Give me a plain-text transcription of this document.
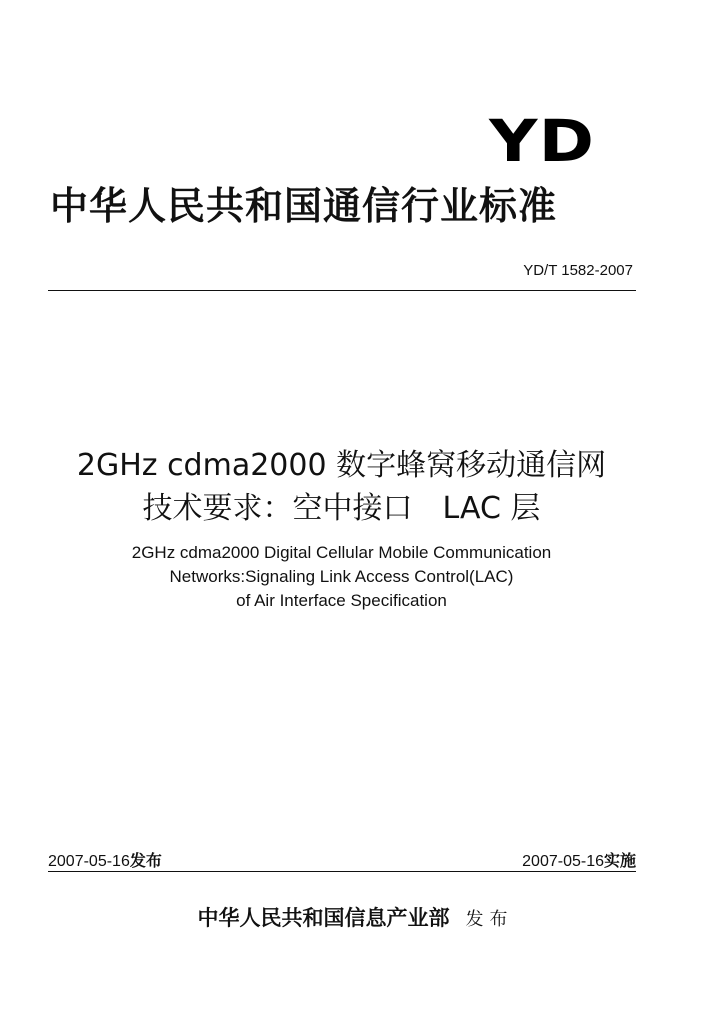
YD
中华人民共和国通信行业标准
YD/T 1582-2007
2GHz cdma2000 数字蜂窝移动通信网
技术要求：空中接口　LAC 层
2GHz cdma2000 Digital Cellular Mobile Communication
Networks:Signaling Link Access Control(LAC)
of Air Interface Specification
2007-05-16发布	2007-05-16实施
中华人民共和国信息产业部 发布
